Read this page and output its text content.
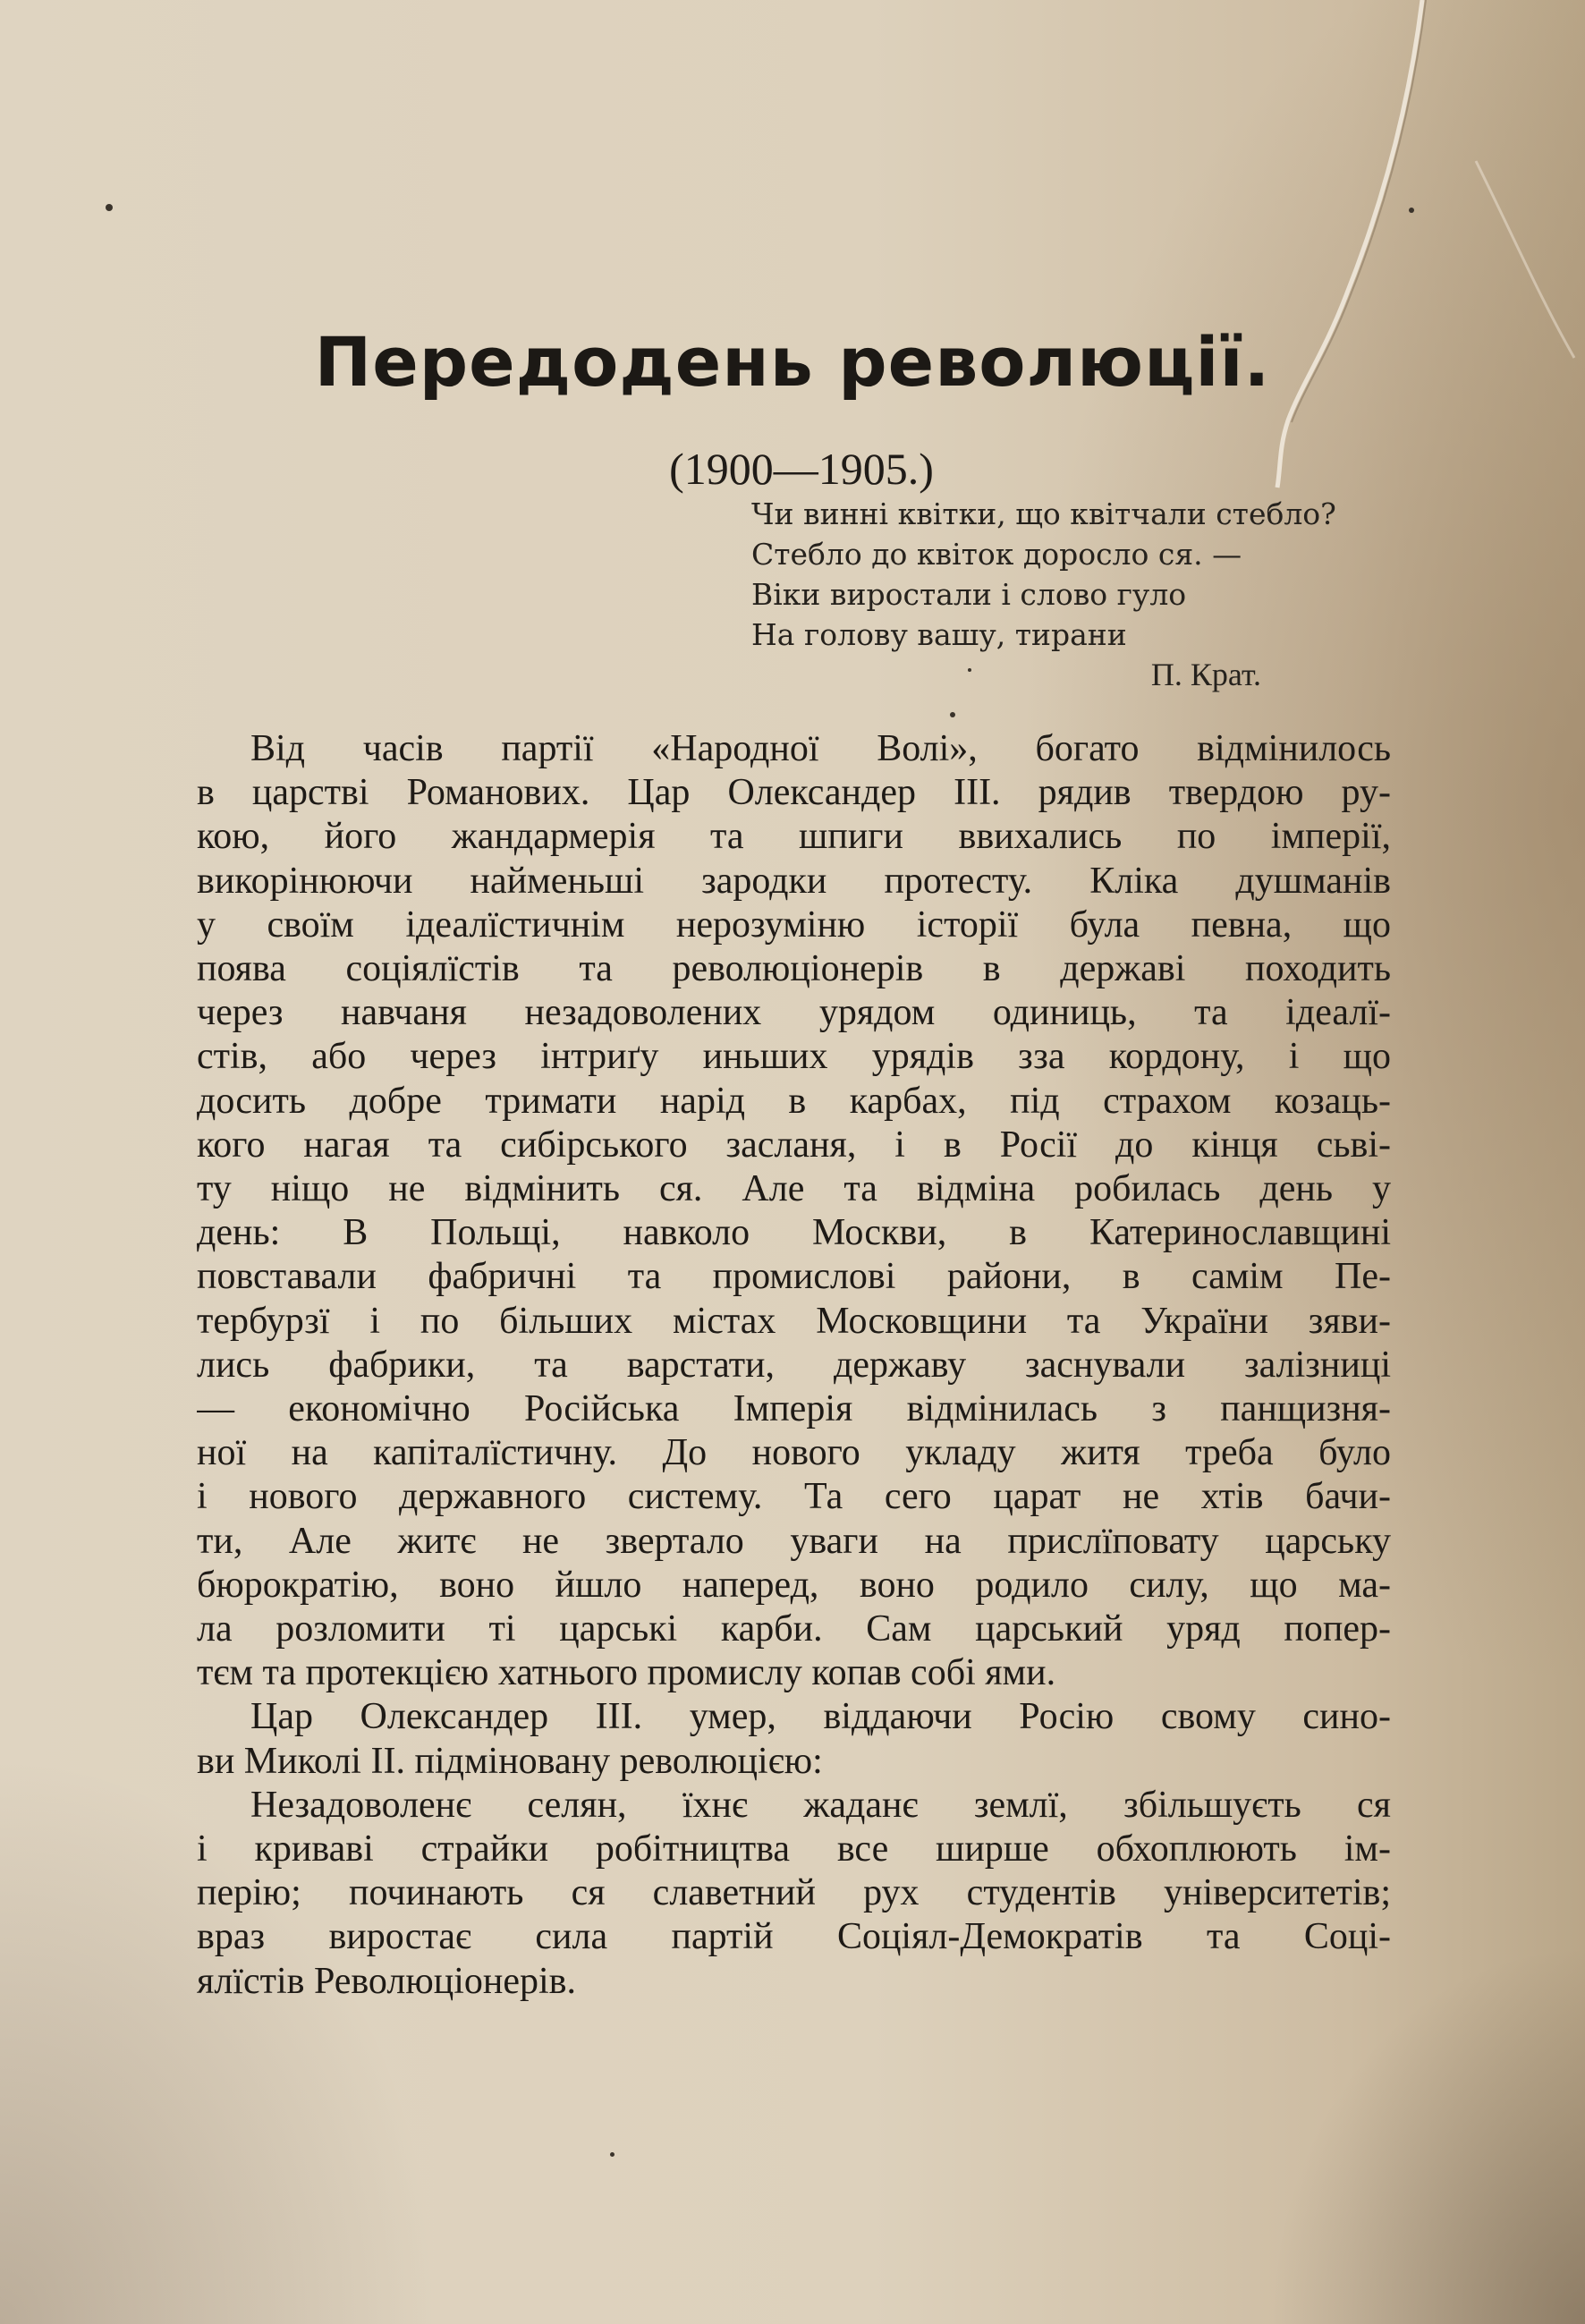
Передодень революції.
(1900—1905.)
Чи винні квітки, що квітчали стебло?
Стебло до квіток доросло ся. —
Віки виростали і слово гуло
На голову вашу, тирани
П. Крат.
Від часів партії «Народної Волі», богато відмінилось
в царстві Романових. Цар Олександер III. рядив твердою ру-
кою, його жандармерія та шпиги ввихались по імперії,
викорінюючи найменьші зародки протесту. Кліка душманів
у своїм ідеалїстичнім нерозуміню історії була певна, що
поява соціялїстів та революціонерів в державі походить
через навчаня незадоволених урядом одиниць, та ідеалї-
стів, або через інтриґу иньших урядів зза кордону, і що
досить добре тримати нарід в карбах, під страхом козаць-
кого нагая та сибірського засланя, і в Росії до кінця сьві-
ту ніщо не відмінить ся. Але та відміна робилась день у
день: В Польщі, навколо Москви, в Катеринославщині
повставали фабричні та промислові райони, в самім Пе-
тербурзї і по більших містах Московщини та України зяви-
лись фабрики, та варстати, державу заснували залізниці
— економічно Російська Імперія відмінилась з панщизня-
ної на капіталїстичну. До нового укладу житя треба було
і нового державного систему. Та сего царат не хтів бачи-
ти, Але житє не звертало уваги на прислїповату царську
бюрократію, воно йшло наперед, воно родило силу, що ма-
ла розломити ті царські карби. Сам царський уряд попер-
тєм та протекцією хатнього промислу копав собі ями.
Цар Олександер III. умер, віддаючи Росію свому сино-
ви Миколі II. підміновану революцією:
Незадоволенє селян, їхнє жаданє землї, збільшуєть ся
і криваві страйки робітництва все ширше обхоплюють ім-
перію; починають ся славетний рух студентів університетів;
враз виростає сила партій Соціял-Демократів та Соці-
ялїстів Революціонерів.
